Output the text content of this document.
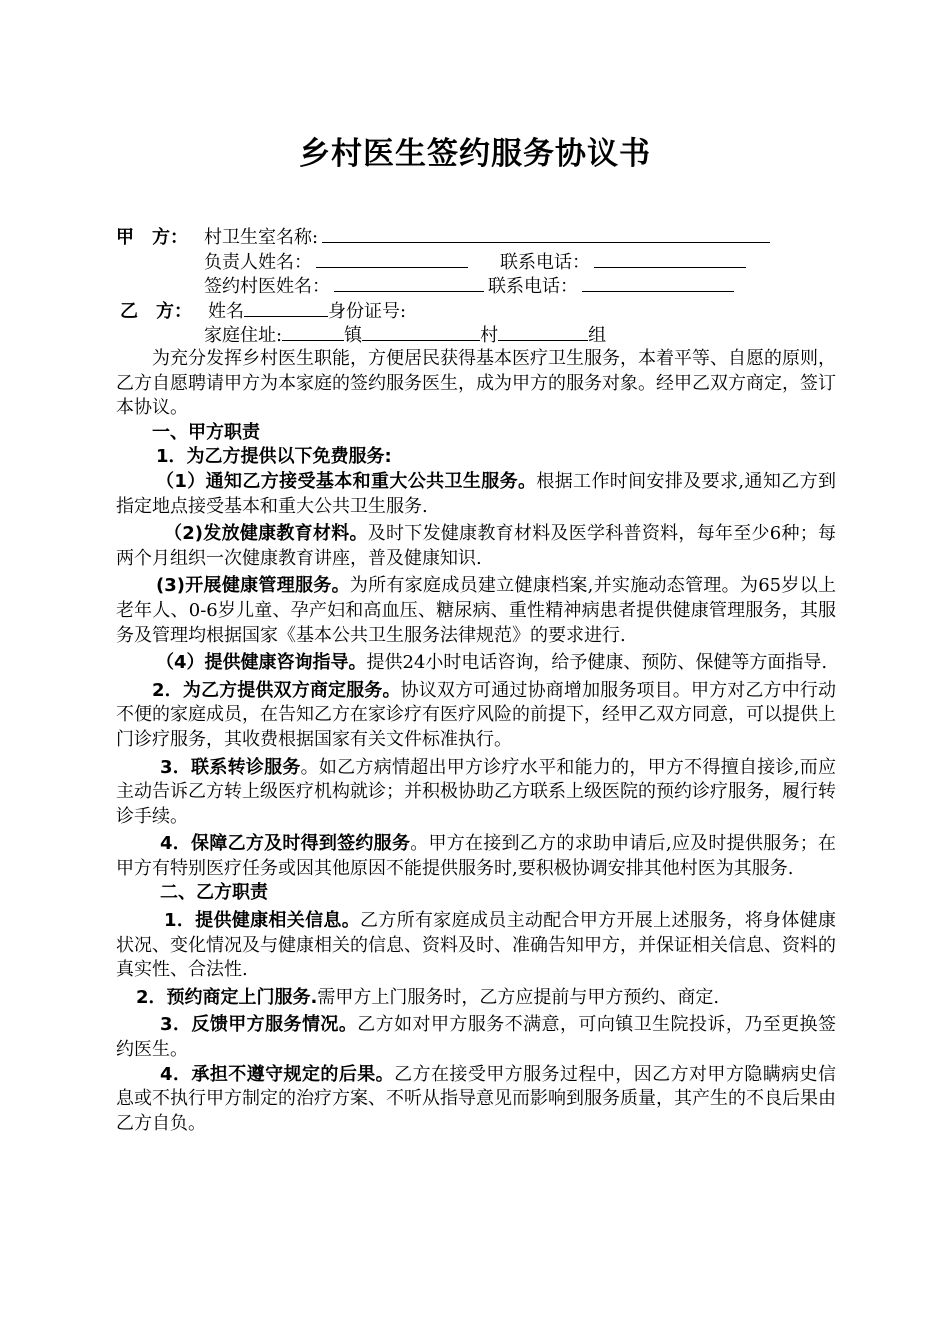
乡村医生签约服务协议书
甲　方： 村卫生室名称:
负责人姓名：	联系电话：
签约村医姓名：	联系电话：
乙　方： 姓名	身份证号:
家庭住址:	镇	村	组

为充分发挥乡村医生职能，方便居民获得基本医疗卫生服务，本着平等、自愿的原则，乙方自愿聘请甲方为本家庭的签约服务医生，成为甲方的服务对象。经甲乙双方商定，签订本协议。

一、甲方职责

1．为乙方提供以下免费服务:

（1）通知乙方接受基本和重大公共卫生服务。根据工作时间安排及要求,通知乙方到指定地点接受基本和重大公共卫生服务.

（2)发放健康教育材料。及时下发健康教育材料及医学科普资料，每年至少6种；每两个月组织一次健康教育讲座，普及健康知识.

(3)开展健康管理服务。为所有家庭成员建立健康档案,并实施动态管理。为65岁以上老年人、0-6岁儿童、孕产妇和高血压、糖尿病、重性精神病患者提供健康管理服务，其服务及管理均根据国家《基本公共卫生服务法律规范》的要求进行.

（4）提供健康咨询指导。提供24小时电话咨询，给予健康、预防、保健等方面指导.

2．为乙方提供双方商定服务。协议双方可通过协商增加服务项目。甲方对乙方中行动不便的家庭成员，在告知乙方在家诊疗有医疗风险的前提下，经甲乙双方同意，可以提供上门诊疗服务，其收费根据国家有关文件标准执行。

3．联系转诊服务。如乙方病情超出甲方诊疗水平和能力的，甲方不得擅自接诊,而应主动告诉乙方转上级医疗机构就诊；并积极协助乙方联系上级医院的预约诊疗服务，履行转诊手续。

4．保障乙方及时得到签约服务。甲方在接到乙方的求助申请后,应及时提供服务；在甲方有特别医疗任务或因其他原因不能提供服务时,要积极协调安排其他村医为其服务.

二、乙方职责

1．提供健康相关信息。乙方所有家庭成员主动配合甲方开展上述服务，将身体健康状况、变化情况及与健康相关的信息、资料及时、准确告知甲方，并保证相关信息、资料的真实性、合法性.

2．预约商定上门服务.需甲方上门服务时，乙方应提前与甲方预约、商定.

3．反馈甲方服务情况。乙方如对甲方服务不满意，可向镇卫生院投诉，乃至更换签约医生。

4．承担不遵守规定的后果。乙方在接受甲方服务过程中，因乙方对甲方隐瞒病史信息或不执行甲方制定的治疗方案、不听从指导意见而影响到服务质量，其产生的不良后果由乙方自负。
